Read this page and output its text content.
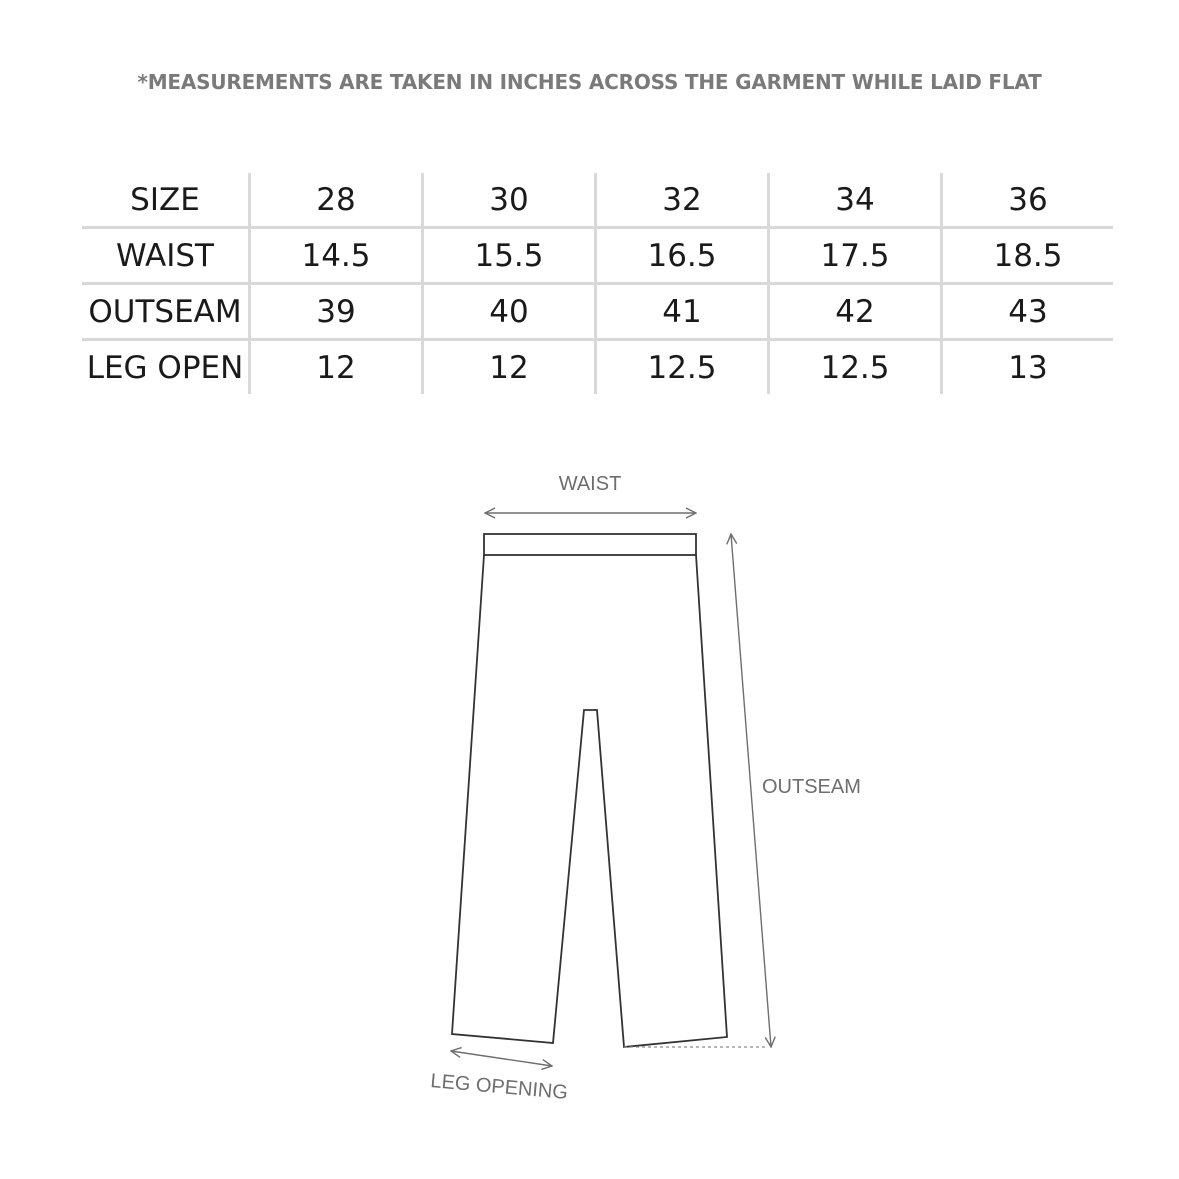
*MEASUREMENTS ARE TAKEN IN INCHES ACROSS THE GARMENT WHILE LAID FLAT
SIZE	28	30	32	34	36
WAIST	14.5	15.5	16.5	17.5	18.5
OUTSEAM	39	40	41	42	43
LEG OPEN	12	12	12.5	12.5	13
WAIST
OUTSEAM
LEG OPENING
